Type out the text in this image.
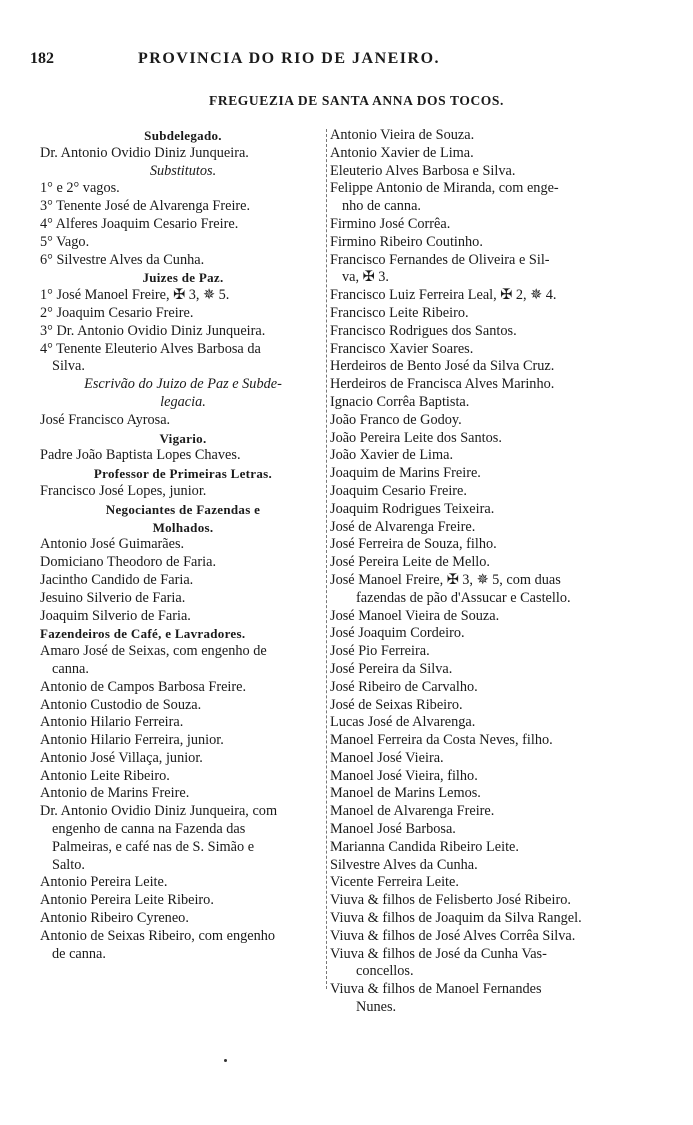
182	PROVINCIA DO RIO DE JANEIRO.
FREGUEZIA DE SANTA ANNA DOS TOCOS.

Subdelegado.

Dr. Antonio Ovidio Diniz Junqueira.

Substitutos.

1° e 2° vagos.

3° Tenente José de Alvarenga Freire.

4° Alferes Joaquim Cesario Freire.

5° Vago.

6° Silvestre Alves da Cunha.

Juizes de Paz.

1° José Manoel Freire, ✠ 3, ✵ 5.

2° Joaquim Cesario Freire.

3° Dr. Antonio Ovidio Diniz Junqueira.

4° Tenente Eleuterio Alves Barbosa da

Silva.

Escrivão do Juizo de Paz e Subde-

legacia.

José Francisco Ayrosa.

Vigario.

Padre João Baptista Lopes Chaves.

Professor de Primeiras Letras.

Francisco José Lopes, junior.

Negociantes de Fazendas e

Molhados.

Antonio José Guimarães.

Domiciano Theodoro de Faria.

Jacintho Candido de Faria.

Jesuino Silverio de Faria.

Joaquim Silverio de Faria.

Fazendeiros de Café, e Lavradores.

Amaro José de Seixas, com engenho de

canna.

Antonio de Campos Barbosa Freire.

Antonio Custodio de Souza.

Antonio Hilario Ferreira.

Antonio Hilario Ferreira, junior.

Antonio José Villaça, junior.

Antonio Leite Ribeiro.

Antonio de Marins Freire.

Dr. Antonio Ovidio Diniz Junqueira, com

engenho de canna na Fazenda das

Palmeiras, e café nas de S. Simão e

Salto.

Antonio Pereira Leite.

Antonio Pereira Leite Ribeiro.

Antonio Ribeiro Cyreneo.

Antonio de Seixas Ribeiro, com engenho

de canna.

Antonio Vieira de Souza.

Antonio Xavier de Lima.

Eleuterio Alves Barbosa e Silva.

Felippe Antonio de Miranda, com enge-

nho de canna.

Firmino José Corrêa.

Firmino Ribeiro Coutinho.

Francisco Fernandes de Oliveira e Sil-

va, ✠ 3.

Francisco Luiz Ferreira Leal, ✠ 2, ✵ 4.

Francisco Leite Ribeiro.

Francisco Rodrigues dos Santos.

Francisco Xavier Soares.

Herdeiros de Bento José da Silva Cruz.

Herdeiros de Francisca Alves Marinho.

Ignacio Corrêa Baptista.

João Franco de Godoy.

João Pereira Leite dos Santos.

João Xavier de Lima.

Joaquim de Marins Freire.

Joaquim Cesario Freire.

Joaquim Rodrigues Teixeira.

José de Alvarenga Freire.

José Ferreira de Souza, filho.

José Pereira Leite de Mello.

José Manoel Freire, ✠ 3, ✵ 5, com duas

fazendas de pão d'Assucar e Castello.

José Manoel Vieira de Souza.

José Joaquim Cordeiro.

José Pio Ferreira.

José Pereira da Silva.

José Ribeiro de Carvalho.

José de Seixas Ribeiro.

Lucas José de Alvarenga.

Manoel Ferreira da Costa Neves, filho.

Manoel José Vieira.

Manoel José Vieira, filho.

Manoel de Marins Lemos.

Manoel de Alvarenga Freire.

Manoel José Barbosa.

Marianna Candida Ribeiro Leite.

Silvestre Alves da Cunha.

Vicente Ferreira Leite.

Viuva & filhos de Felisberto José Ribeiro.

Viuva & filhos de Joaquim da Silva Rangel.

Viuva & filhos de José Alves Corrêa Silva.

Viuva & filhos de José da Cunha Vas-

concellos.

Viuva & filhos de Manoel Fernandes

Nunes.
